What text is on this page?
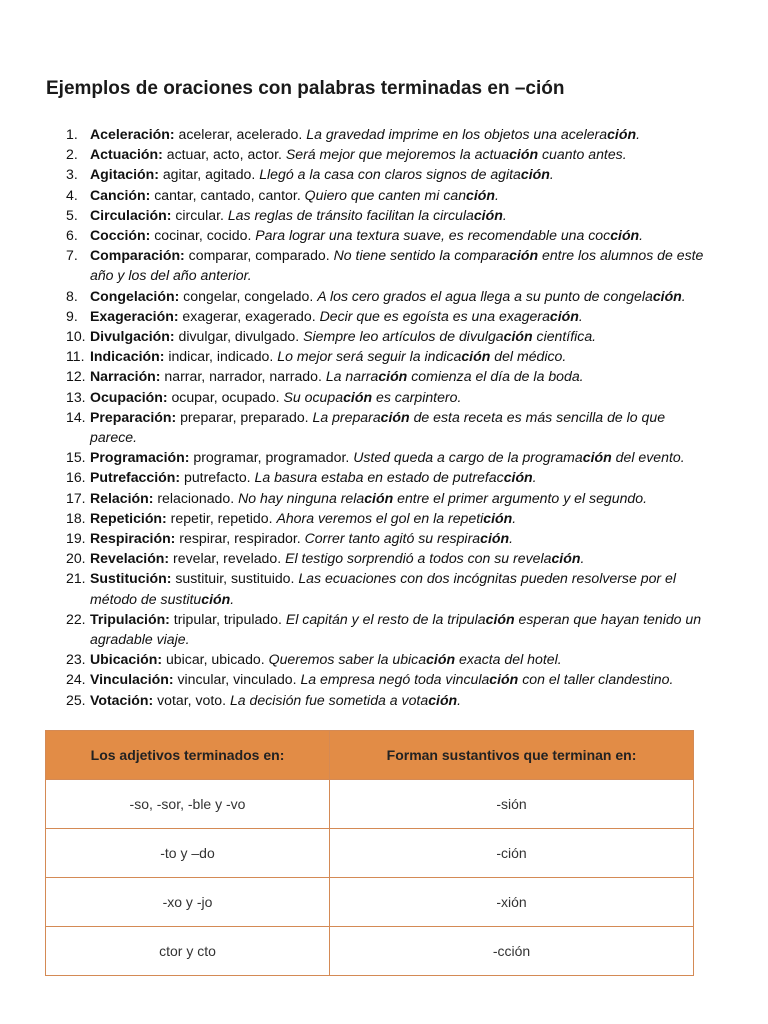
Ejemplos de oraciones con palabras terminadas en –ción
1. Aceleración: acelerar, acelerado. La gravedad imprime en los objetos una aceleración.
2. Actuación: actuar, acto, actor. Será mejor que mejoremos la actuación cuanto antes.
3. Agitación: agitar, agitado. Llegó a la casa con claros signos de agitación.
4. Canción: cantar, cantado, cantor. Quiero que canten mi canción.
5. Circulación: circular. Las reglas de tránsito facilitan la circulación.
6. Cocción: cocinar, cocido. Para lograr una textura suave, es recomendable una cocción.
7. Comparación: comparar, comparado. No tiene sentido la comparación entre los alumnos de este año y los del año anterior.
8. Congelación: congelar, congelado. A los cero grados el agua llega a su punto de congelación.
9. Exageración: exagerar, exagerado. Decir que es egoísta es una exageración.
10. Divulgación: divulgar, divulgado. Siempre leo artículos de divulgación científica.
11. Indicación: indicar, indicado. Lo mejor será seguir la indicación del médico.
12. Narración: narrar, narrador, narrado. La narración comienza el día de la boda.
13. Ocupación: ocupar, ocupado. Su ocupación es carpintero.
14. Preparación: preparar, preparado. La preparación de esta receta es más sencilla de lo que parece.
15. Programación: programar, programador. Usted queda a cargo de la programación del evento.
16. Putrefacción: putrefacto. La basura estaba en estado de putrefacción.
17. Relación: relacionado. No hay ninguna relación entre el primer argumento y el segundo.
18. Repetición: repetir, repetido. Ahora veremos el gol en la repetición.
19. Respiración: respirar, respirador. Correr tanto agitó su respiración.
20. Revelación: revelar, revelado. El testigo sorprendió a todos con su revelación.
21. Sustitución: sustituir, sustituido. Las ecuaciones con dos incógnitas pueden resolverse por el método de sustitución.
22. Tripulación: tripular, tripulado. El capitán y el resto de la tripulación esperan que hayan tenido un agradable viaje.
23. Ubicación: ubicar, ubicado. Queremos saber la ubicación exacta del hotel.
24. Vinculación: vincular, vinculado. La empresa negó toda vinculación con el taller clandestino.
25. Votación: votar, voto. La decisión fue sometida a votación.
Los adjetivos terminados en:	Forman sustantivos que terminan en:
-so, -sor, -ble y -vo	-sión
-to y –do	-ción
-xo y -jo	-xión
ctor y cto	-cción
